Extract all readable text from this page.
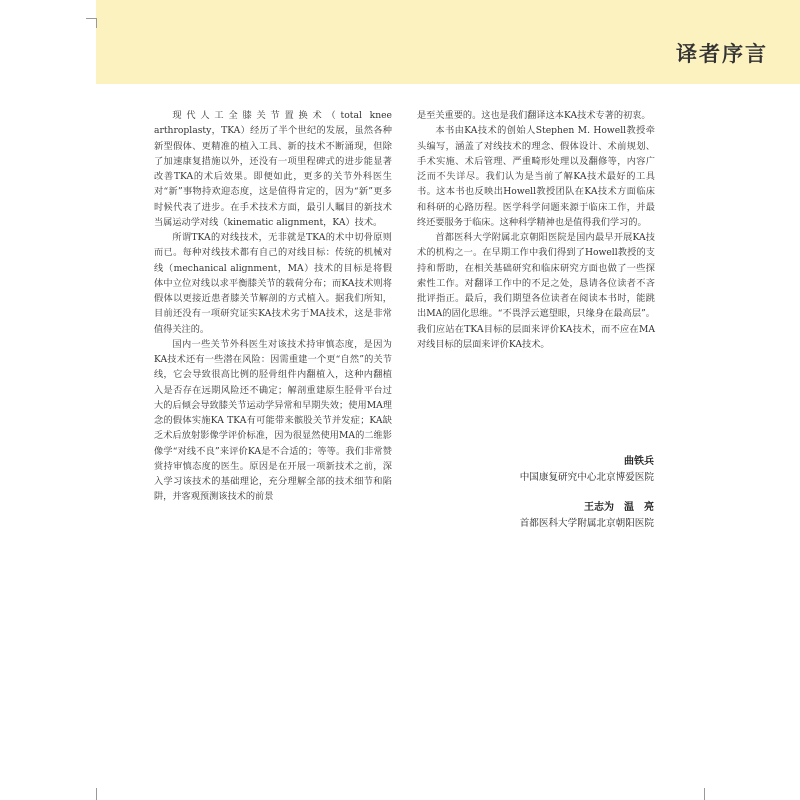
译者序言

现代人工全膝关节置换术（total knee arthroplasty，TKA）经历了半个世纪的发展，虽然各种新型假体、更精准的植入工具、新的技术不断涌现，但除了加速康复措施以外，还没有一项里程碑式的进步能显著改善TKA的术后效果。即便如此，更多的关节外科医生对“新”事物持欢迎态度，这是值得肯定的，因为“新”更多时候代表了进步。在手术技术方面，最引人瞩目的新技术当属运动学对线（kinematic alignment，KA）技术。

所谓TKA的对线技术，无非就是TKA的术中切骨原则而已。每种对线技术都有自己的对线目标：传统的机械对线（mechanical alignment，MA）技术的目标是将假体中立位对线以求平衡膝关节的载荷分布；而KA技术则将假体以更接近患者膝关节解剖的方式植入。据我们所知，目前还没有一项研究证实KA技术劣于MA技术，这是非常值得关注的。

国内一些关节外科医生对该技术持审慎态度，是因为KA技术还有一些潜在风险：因需重建一个更“自然”的关节线，它会导致很高比例的胫骨组件内翻植入，这种内翻植入是否存在远期风险还不确定；解剖重建原生胫骨平台过大的后倾会导致膝关节运动学异常和早期失效；使用MA理念的假体实施KA TKA有可能带来髌股关节并发症；KA缺乏术后放射影像学评价标准，因为很显然使用MA的二维影像学“对线不良”来评价KA是不合适的；等等。我们非常赞赏持审慎态度的医生。原因是在开展一项新技术之前，深入学习该技术的基础理论，充分理解全部的技术细节和陷阱，并客观预测该技术的前景

是至关重要的。这也是我们翻译这本KA技术专著的初衷。

本书由KA技术的创始人Stephen M. Howell教授牵头编写，涵盖了对线技术的理念、假体设计、术前规划、手术实施、术后管理、严重畸形处理以及翻修等，内容广泛而不失详尽。我们认为是当前了解KA技术最好的工具书。这本书也反映出Howell教授团队在KA技术方面临床和科研的心路历程。医学科学问题来源于临床工作，并最终还要服务于临床。这种科学精神也是值得我们学习的。

首都医科大学附属北京朝阳医院是国内最早开展KA技术的机构之一。在早期工作中我们得到了Howell教授的支持和帮助，在相关基础研究和临床研究方面也做了一些探索性工作。对翻译工作中的不足之处，恳请各位读者不吝批评指正。最后，我们期望各位读者在阅读本书时，能跳出MA的固化思维。“不畏浮云遮望眼，只缘身在最高层”。我们应站在TKA目标的层面来评价KA技术，而不应在MA对线目标的层面来评价KA技术。

曲铁兵
中国康复研究中心北京博爱医院
王志为　温　亮
首都医科大学附属北京朝阳医院
